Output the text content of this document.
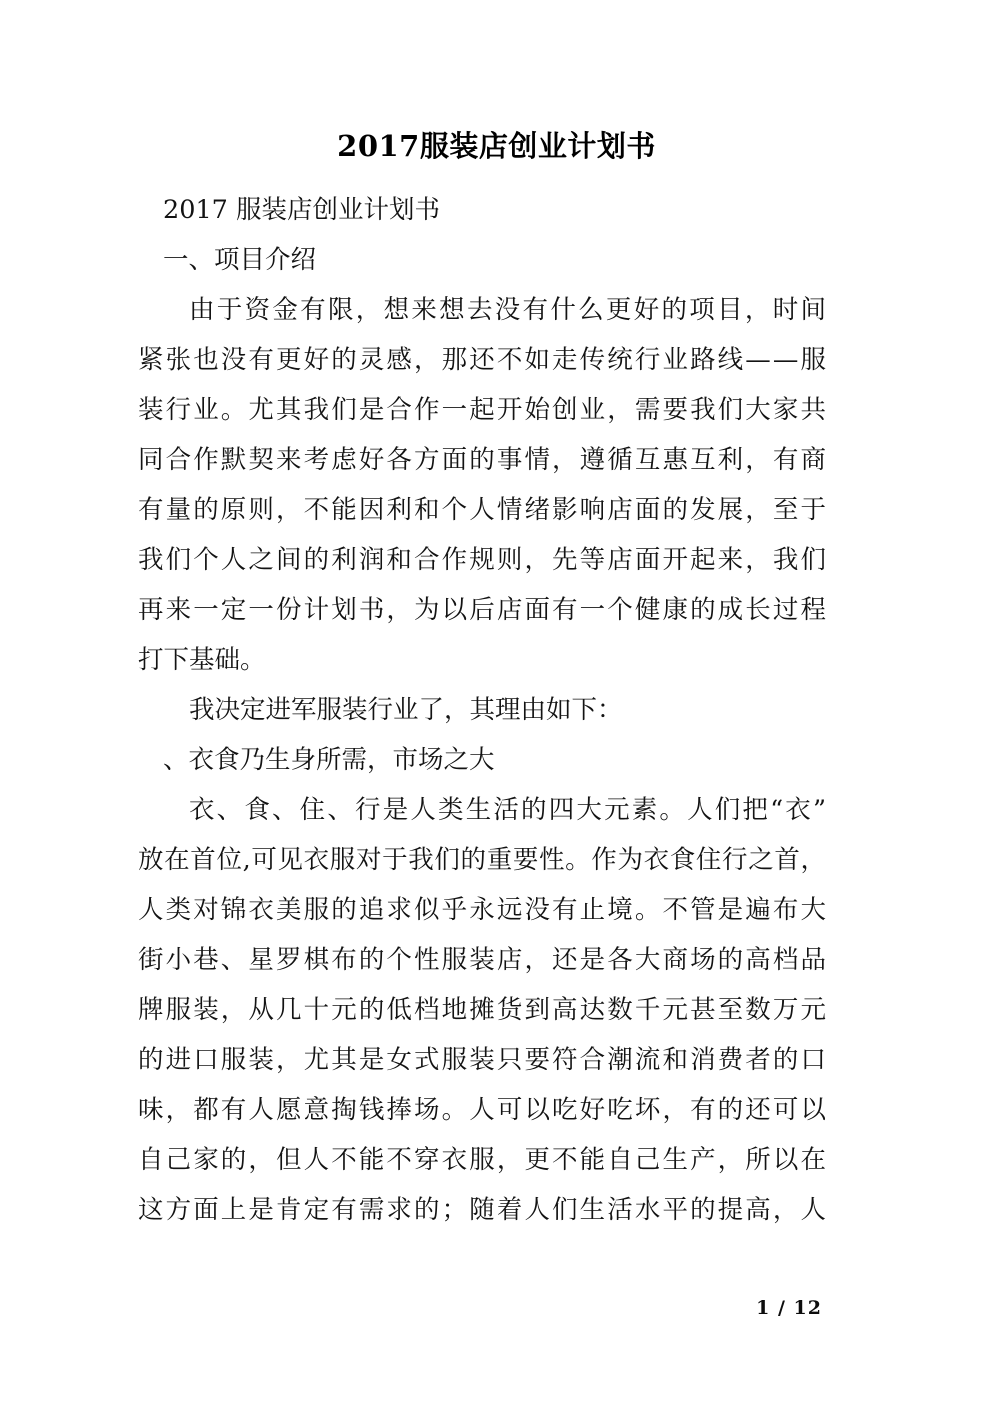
2017服装店创业计划书
2017 服装店创业计划书
一、项目介绍
由于资金有限，想来想去没有什么更好的项目，时间
紧张也没有更好的灵感，那还不如走传统行业路线——服
装行业。尤其我们是合作一起开始创业，需要我们大家共
同合作默契来考虑好各方面的事情，遵循互惠互利，有商
有量的原则，不能因利和个人情绪影响店面的发展，至于
我们个人之间的利润和合作规则，先等店面开起来，我们
再来一定一份计划书，为以后店面有一个健康的成长过程
打下基础。
我决定进军服装行业了，其理由如下：
、衣食乃生身所需，市场之大
衣、食、住、行是人类生活的四大元素。人们把“衣”
放在首位,可见衣服对于我们的重要性。作为衣食住行之首，
人类对锦衣美服的追求似乎永远没有止境。不管是遍布大
街小巷、星罗棋布的个性服装店，还是各大商场的高档品
牌服装，从几十元的低档地摊货到高达数千元甚至数万元
的进口服装，尤其是女式服装只要符合潮流和消费者的口
味，都有人愿意掏钱捧场。人可以吃好吃坏，有的还可以
自己家的，但人不能不穿衣服，更不能自己生产，所以在
这方面上是肯定有需求的；随着人们生活水平的提高，人
1 / 12
